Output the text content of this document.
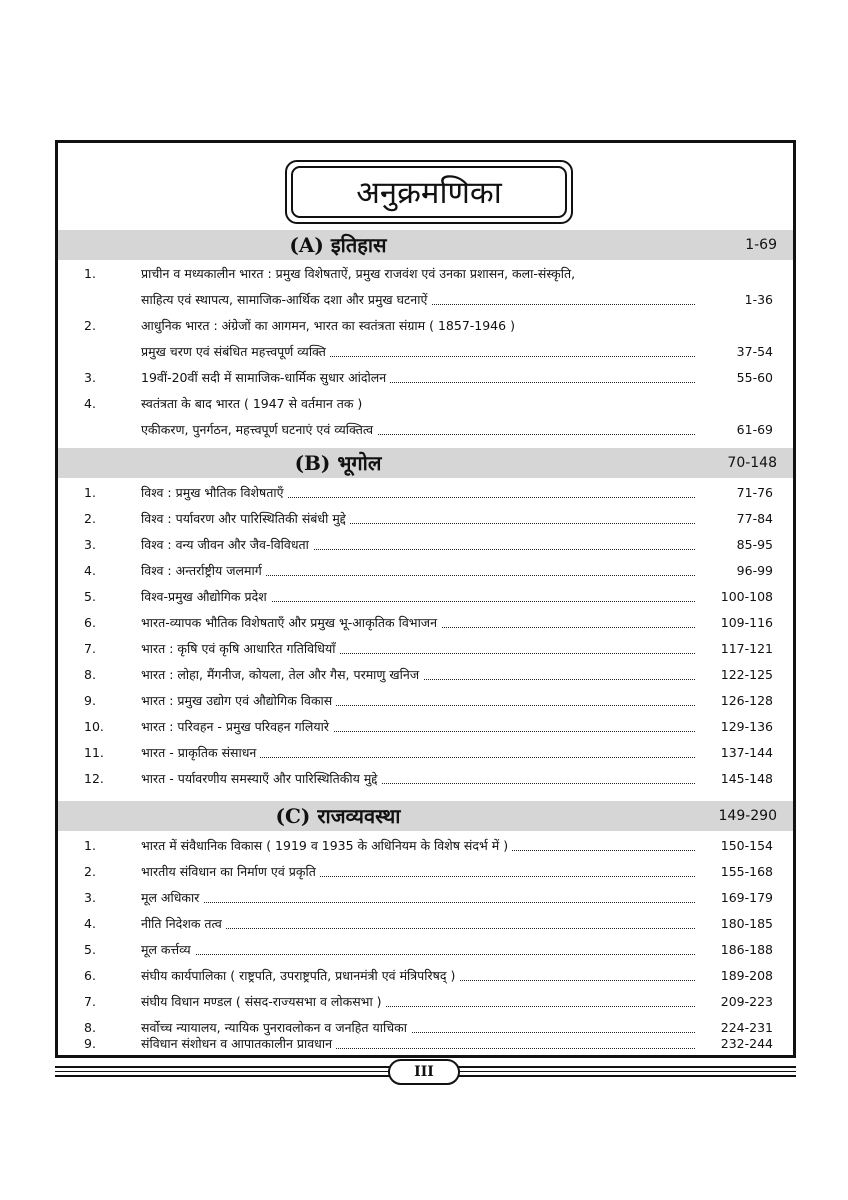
अनुक्रमणिका
(A) इतिहास	1-69
1.	प्राचीन व मध्यकालीन भारत : प्रमुख विशेषताऐं, प्रमुख राजवंश एवं उनका प्रशासन, कला-संस्कृति,
साहित्य एवं स्थापत्य, सामाजिक-आर्थिक दशा और प्रमुख घटनाऐं	1-36
2.	आधुनिक भारत : अंग्रेजों का आगमन, भारत का स्वतंत्रता संग्राम ( 1857-1946 )
प्रमुख चरण एवं संबंधित महत्त्वपूर्ण व्यक्ति	37-54
3.	19वीं-20वीं सदी में सामाजिक-धार्मिक सुधार आंदोलन	55-60
4.	स्वतंत्रता के बाद भारत ( 1947 से वर्तमान तक )
एकीकरण, पुनर्गठन, महत्त्वपूर्ण घटनाएं एवं व्यक्तित्व	61-69
(B) भूगोल	70-148
1.	विश्व : प्रमुख भौतिक विशेषताएँ	71-76
2.	विश्व : पर्यावरण और पारिस्थितिकी संबंधी मुद्दे	77-84
3.	विश्व : वन्य जीवन और जैव-विविधता	85-95
4.	विश्व : अन्तर्राष्ट्रीय जलमार्ग	96-99
5.	विश्व-प्रमुख औद्योगिक प्रदेश	100-108
6.	भारत-व्यापक भौतिक विशेषताएँ और प्रमुख भू-आकृतिक विभाजन	109-116
7.	भारत : कृषि एवं कृषि आधारित गतिविधियाँ	117-121
8.	भारत : लोहा, मैंगनीज, कोयला, तेल और गैस, परमाणु खनिज	122-125
9.	भारत : प्रमुख उद्योग एवं औद्योगिक विकास	126-128
10.	भारत : परिवहन - प्रमुख परिवहन गलियारे	129-136
11.	भारत - प्राकृतिक संसाधन	137-144
12.	भारत - पर्यावरणीय समस्याएँ और पारिस्थितिकीय मुद्दे	145-148
(C) राजव्यवस्था	149-290
1.	भारत में संवैधानिक विकास ( 1919 व 1935 के अधिनियम के विशेष संदर्भ में )	150-154
2.	भारतीय संविधान का निर्माण एवं प्रकृति	155-168
3.	मूल अधिकार	169-179
4.	नीति निदेशक तत्व	180-185
5.	मूल कर्त्तव्य	186-188
6.	संघीय कार्यपालिका ( राष्ट्रपति, उपराष्ट्रपति, प्रधानमंत्री एवं मंत्रिपरिषद् )	189-208
7.	संघीय विधान मण्डल ( संसद-राज्यसभा व लोकसभा )	209-223
8.	सर्वोच्च न्यायालय, न्यायिक पुनरावलोकन व जनहित याचिका	224-231
9.	संविधान संशोधन व आपातकालीन प्रावधान	232-244
III
